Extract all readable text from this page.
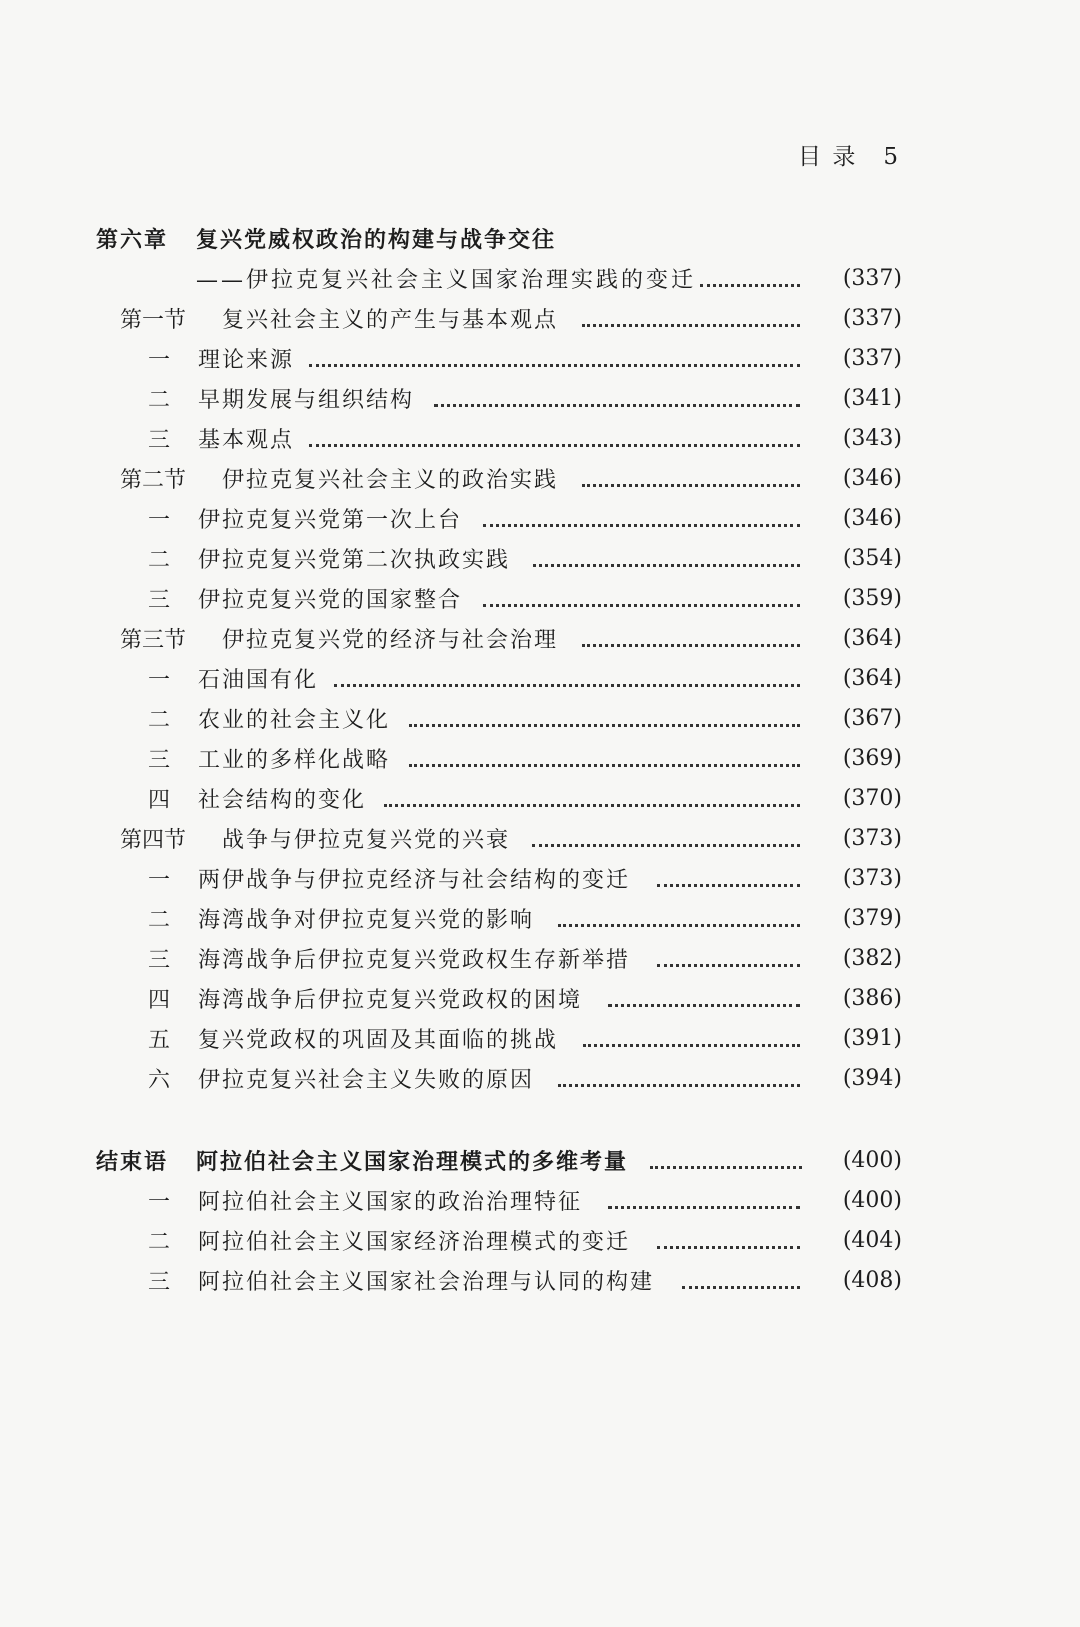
目 录 5
第六章 复兴党威权政治的构建与战争交往
——伊拉克复兴社会主义国家治理实践的变迁	(337)
第一节 复兴社会主义的产生与基本观点	(337)
一 理论来源	(337)
二 早期发展与组织结构	(341)
三 基本观点	(343)
第二节 伊拉克复兴社会主义的政治实践	(346)
一 伊拉克复兴党第一次上台	(346)
二 伊拉克复兴党第二次执政实践	(354)
三 伊拉克复兴党的国家整合	(359)
第三节 伊拉克复兴党的经济与社会治理	(364)
一 石油国有化	(364)
二 农业的社会主义化	(367)
三 工业的多样化战略	(369)
四 社会结构的变化	(370)
第四节 战争与伊拉克复兴党的兴衰	(373)
一 两伊战争与伊拉克经济与社会结构的变迁	(373)
二 海湾战争对伊拉克复兴党的影响	(379)
三 海湾战争后伊拉克复兴党政权生存新举措	(382)
四 海湾战争后伊拉克复兴党政权的困境	(386)
五 复兴党政权的巩固及其面临的挑战	(391)
六 伊拉克复兴社会主义失败的原因	(394)
结束语 阿拉伯社会主义国家治理模式的多维考量	(400)
一 阿拉伯社会主义国家的政治治理特征	(400)
二 阿拉伯社会主义国家经济治理模式的变迁	(404)
三 阿拉伯社会主义国家社会治理与认同的构建	(408)
